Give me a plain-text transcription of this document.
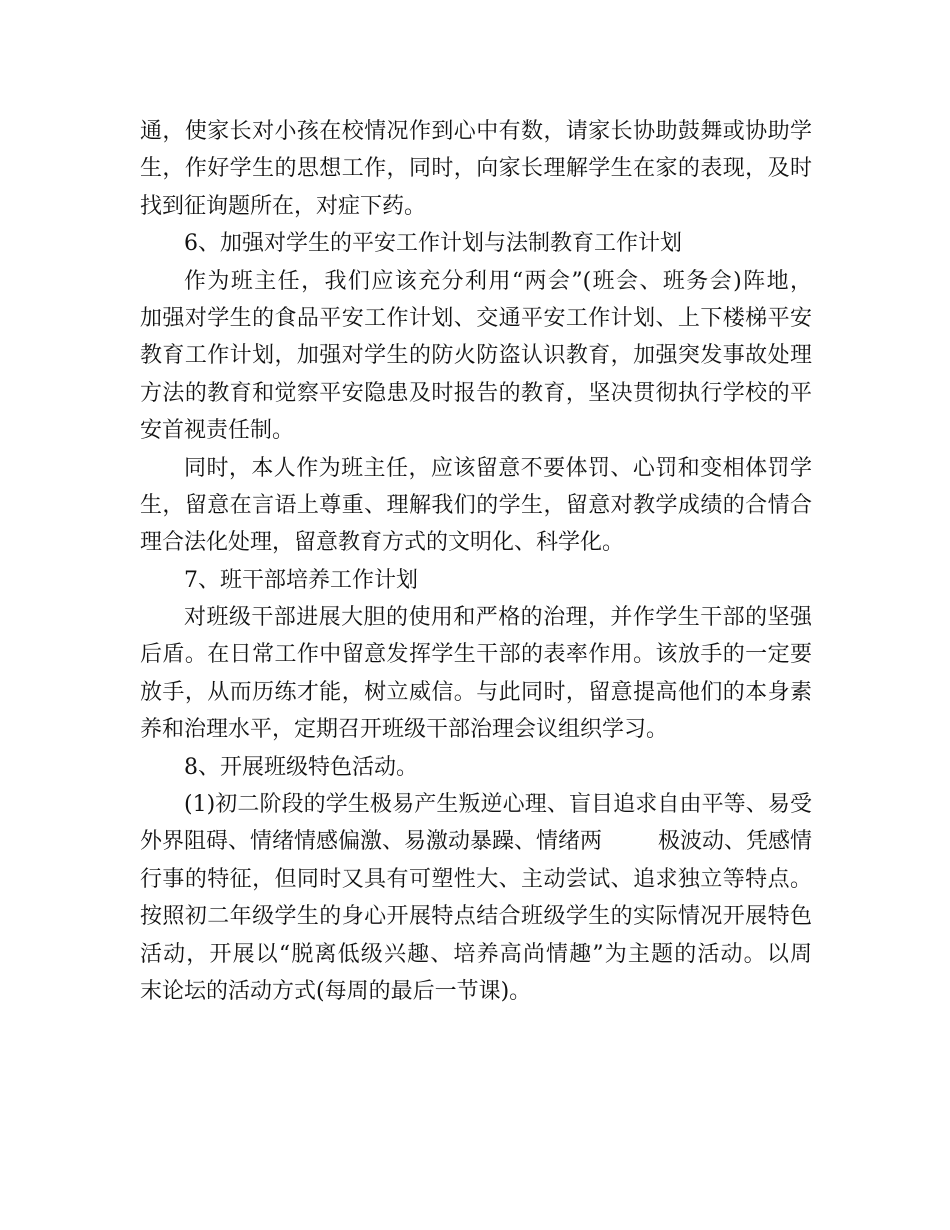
通，使家长对小孩在校情况作到心中有数，请家长协助鼓舞或协助学
生，作好学生的思想工作，同时，向家长理解学生在家的表现，及时
找到征询题所在，对症下药。
6、加强对学生的平安工作计划与法制教育工作计划
作为班主任，我们应该充分利用“两会”(班会、班务会)阵地，
加强对学生的食品平安工作计划、交通平安工作计划、上下楼梯平安
教育工作计划，加强对学生的防火防盗认识教育，加强突发事故处理
方法的教育和觉察平安隐患及时报告的教育，坚决贯彻执行学校的平
安首视责任制。
同时，本人作为班主任，应该留意不要体罚、心罚和变相体罚学
生，留意在言语上尊重、理解我们的学生，留意对教学成绩的合情合
理合法化处理，留意教育方式的文明化、科学化。
7、班干部培养工作计划
对班级干部进展大胆的使用和严格的治理，并作学生干部的坚强
后盾。在日常工作中留意发挥学生干部的表率作用。该放手的一定要
放手，从而历练才能，树立威信。与此同时，留意提高他们的本身素
养和治理水平，定期召开班级干部治理会议组织学习。
8、开展班级特色活动。
(1)初二阶段的学生极易产生叛逆心理、盲目追求自由平等、易受
外界阻碍、情绪情感偏激、易激动暴躁、情绪两	极波动、凭感情
行事的特征，但同时又具有可塑性大、主动尝试、追求独立等特点。
按照初二年级学生的身心开展特点结合班级学生的实际情况开展特色
活动，开展以“脱离低级兴趣、培养高尚情趣”为主题的活动。以周
末论坛的活动方式(每周的最后一节课)。
